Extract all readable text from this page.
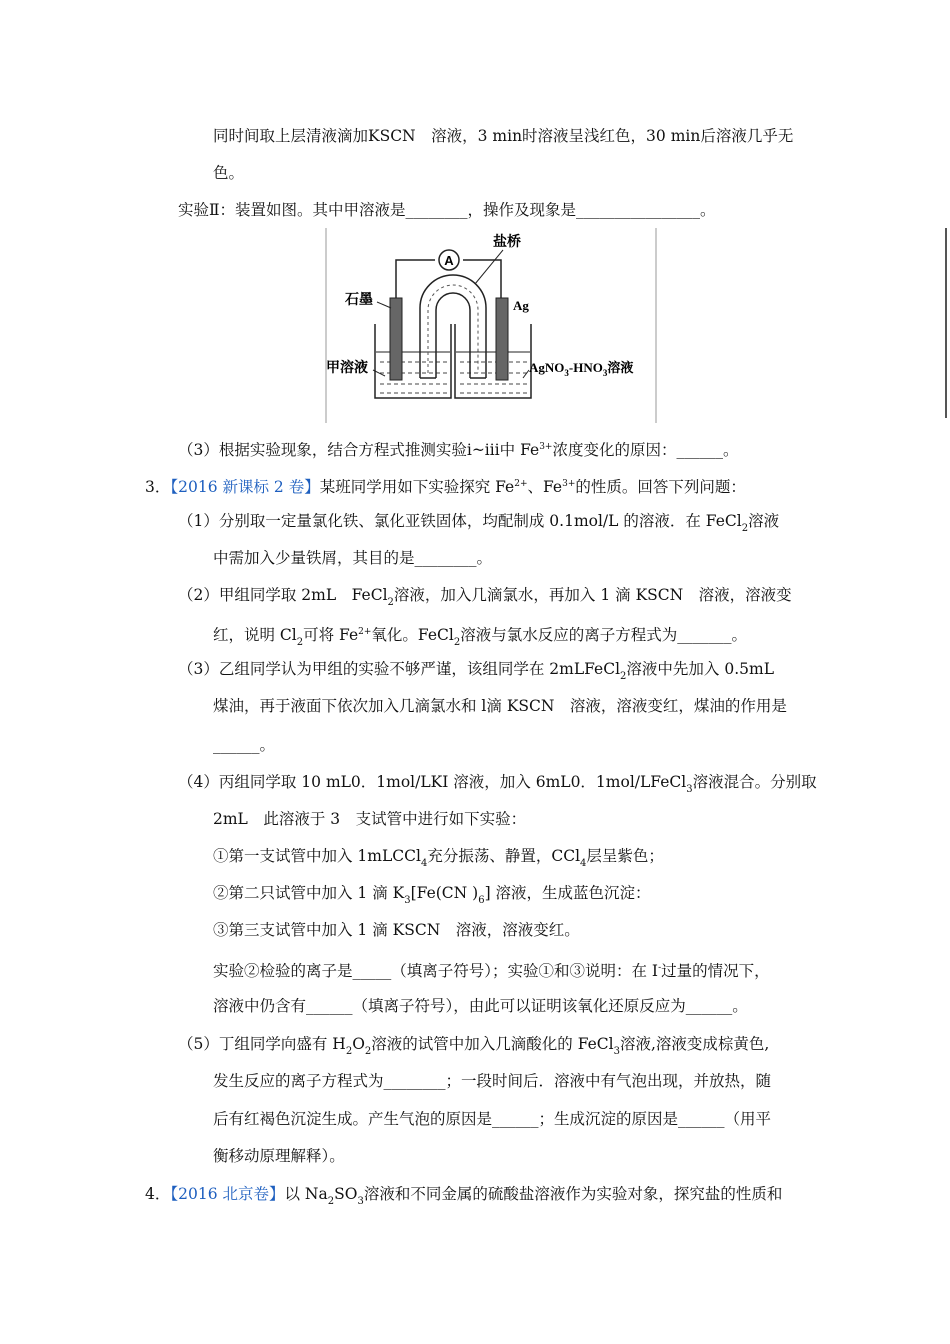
同时间取上层清液滴加KSCN　溶液，3 min时溶液呈浅红色，30 min后溶液几乎无
色。
实验Ⅱ：装置如图。其中甲溶液是________，操作及现象是________________。
A
盐桥
石墨	Ag
甲溶液	$AgNO_3-HNO_3$溶液
（3）根据实验现象，结合方程式推测实验ⅰ~ⅲ中 $Fe^{3+}$浓度变化的原因：______。
3．【2016 新课标 2 卷】某班同学用如下实验探究 $Fe^{2+}$、$Fe^{3+}$的性质。回答下列问题：
（1）分别取一定量氯化铁、氯化亚铁固体，均配制成 0.1mol/L 的溶液．在 FeCl$_2$溶液
中需加入少量铁屑，其目的是________。
（2）甲组同学取 2mL　FeCl$_2$溶液，加入几滴氯水，再加入 1 滴 KSCN　溶液，溶液变
红，说明 $Cl_2$可将 $Fe^{2+}$氧化。FeCl$_2$溶液与氯水反应的离子方程式为_______。
（3）乙组同学认为甲组的实验不够严谨，该组同学在 2mLFeCl$_2$溶液中先加入 0.5mL
煤油，再于液面下依次加入几滴氯水和 l滴 KSCN　溶液，溶液变红，煤油的作用是
______。
（4）丙组同学取 10 mL0．1mol/LKI 溶液，加入 6mL0．1mol/LFeCl$_3$溶液混合。分别取
2mL　此溶液于 3　支试管中进行如下实验：
①第一支试管中加入 1mLCCl$_4$充分振荡、静置，CCl$_4$层呈紫色；
②第二只试管中加入 1 滴 $K_3[Fe(CN$ )$_6$] 溶液，生成蓝色沉淀：
③第三支试管中加入 1 滴 KSCN　溶液，溶液变红。
实验②检验的离子是_____（填离子符号）；实验①和③说明：在 I-过量的情况下，
溶液中仍含有______（填离子符号），由此可以证明该氧化还原反应为______。
（5）丁组同学向盛有 $H_2O_2$溶液的试管中加入几滴酸化的 FeCl$_3$溶液,溶液变成棕黄色,
发生反应的离子方程式为________；一段时间后．溶液中有气泡出现，并放热，随
后有红褐色沉淀生成。产生气泡的原因是______；生成沉淀的原因是______（用平
衡移动原理解释）。
4．【2016 北京卷】以 $Na_2SO_3$溶液和不同金属的硫酸盐溶液作为实验对象，探究盐的性质和
